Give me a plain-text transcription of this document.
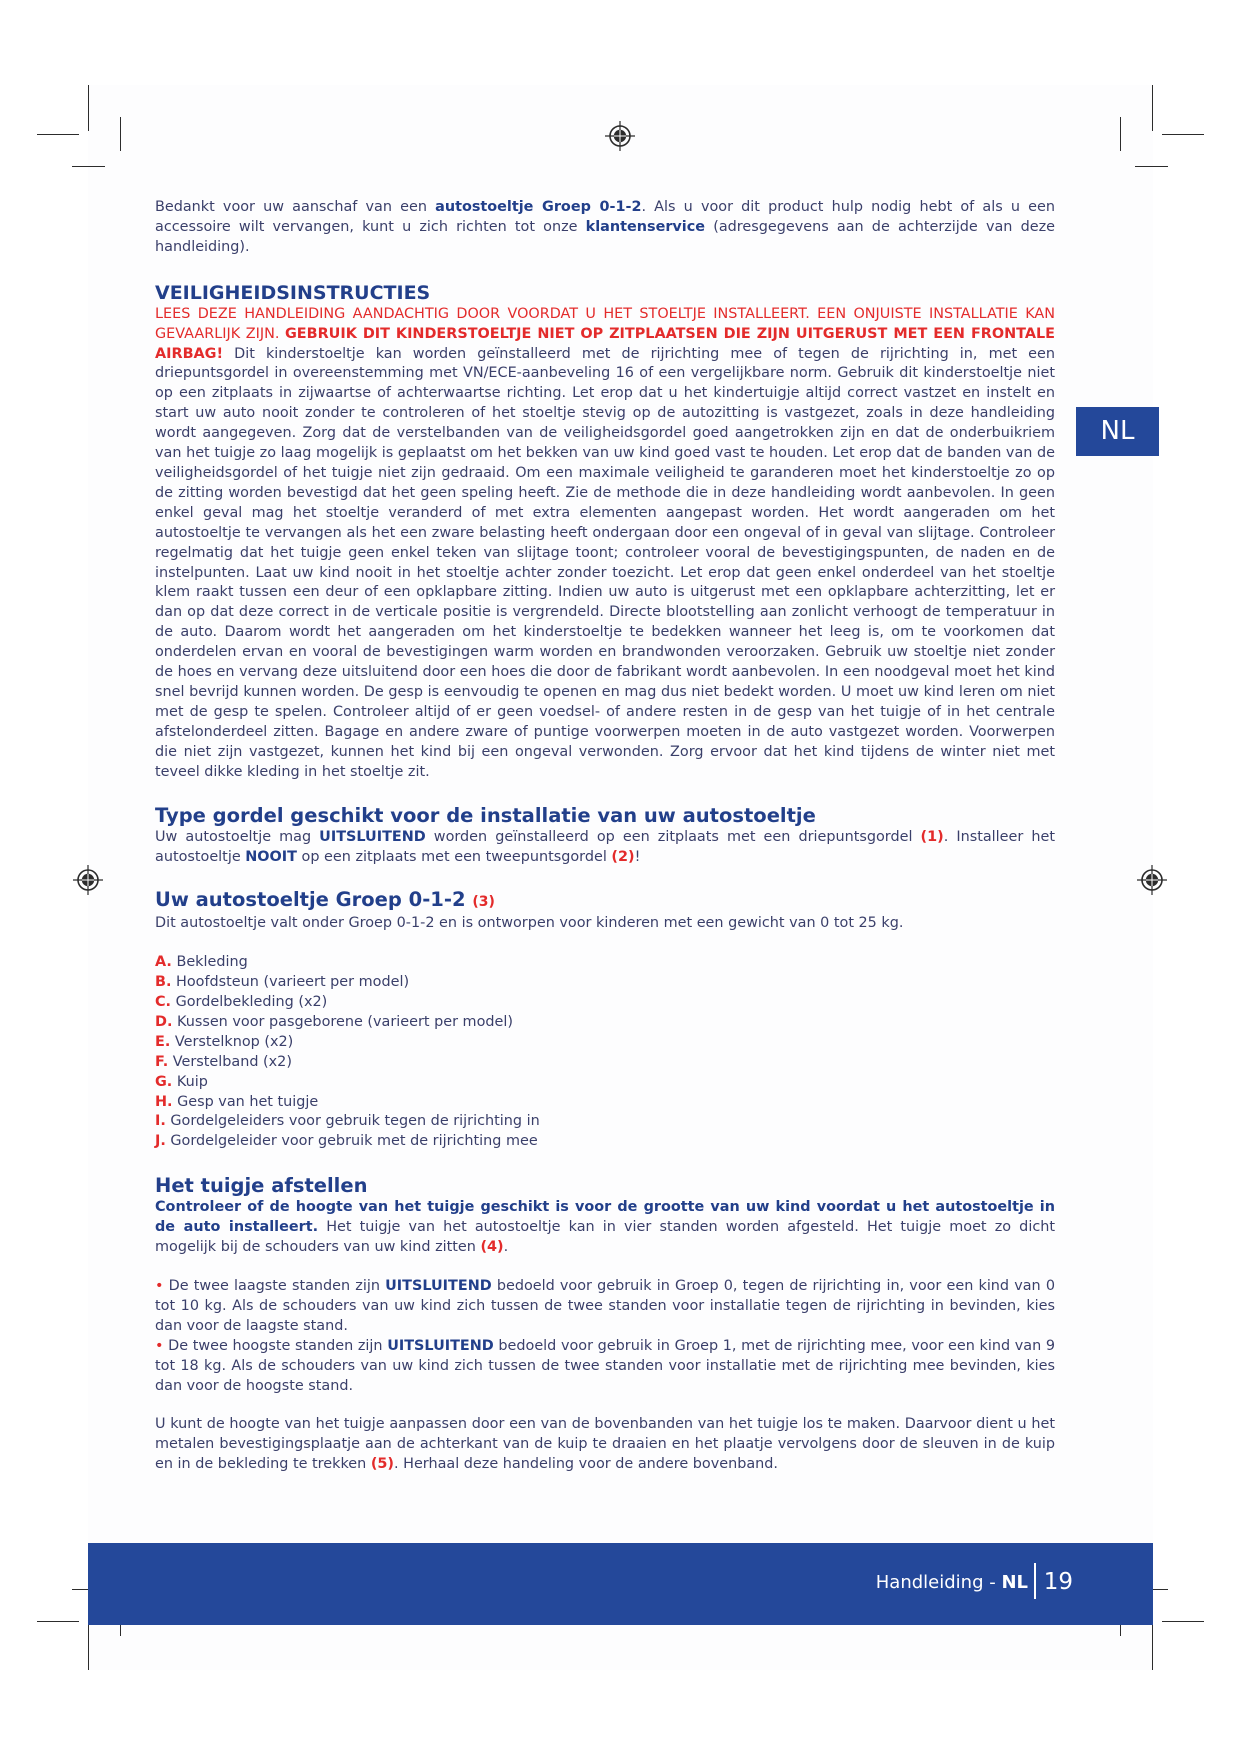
NL

Bedankt voor uw aanschaf van een autostoeltje Groep 0-1-2. Als u voor dit product hulp nodig hebt of als u een accessoire wilt vervangen, kunt u zich richten tot onze klantenservice (adresgegevens aan de achterzijde van deze handleiding).

VEILIGHEIDSINSTRUCTIES

LEES DEZE HANDLEIDING AANDACHTIG DOOR VOORDAT U HET STOELTJE INSTALLEERT. EEN ONJUISTE INSTALLATIE KAN GEVAARLIJK ZIJN. GEBRUIK DIT KINDERSTOELTJE NIET OP ZITPLAATSEN DIE ZIJN UITGERUST MET EEN FRONTALE AIRBAG! Dit kinderstoeltje kan worden geïnstalleerd met de rijrichting mee of tegen de rijrichting in, met een driepuntsgordel in overeenstemming met VN/ECE-aanbeveling 16 of een vergelijkbare norm. Gebruik dit kinderstoeltje niet op een zitplaats in zijwaartse of achterwaartse richting. Let erop dat u het kindertuigje altijd correct vastzet en instelt en start uw auto nooit zonder te controleren of het stoeltje stevig op de autozitting is vastgezet, zoals in deze handleiding wordt aangegeven. Zorg dat de verstelbanden van de veiligheidsgordel goed aangetrokken zijn en dat de onderbuikriem van het tuigje zo laag mogelijk is geplaatst om het bekken van uw kind goed vast te houden. Let erop dat de banden van de veiligheidsgordel of het tuigje niet zijn gedraaid. Om een maximale veiligheid te garanderen moet het kinderstoeltje zo op de zitting worden bevestigd dat het geen speling heeft. Zie de methode die in deze handleiding wordt aanbevolen. In geen enkel geval mag het stoeltje veranderd of met extra elementen aangepast worden. Het wordt aangeraden om het autostoeltje te vervangen als het een zware belasting heeft ondergaan door een ongeval of in geval van slijtage. Controleer regelmatig dat het tuigje geen enkel teken van slijtage toont; controleer vooral de bevestigingspunten, de naden en de instelpunten. Laat uw kind nooit in het stoeltje achter zonder toezicht. Let erop dat geen enkel onderdeel van het stoeltje klem raakt tussen een deur of een opklapbare zitting. Indien uw auto is uitgerust met een opklapbare achterzitting, let er dan op dat deze correct in de verticale positie is vergrendeld. Directe blootstelling aan zonlicht verhoogt de temperatuur in de auto. Daarom wordt het aangeraden om het kinderstoeltje te bedekken wanneer het leeg is, om te voorkomen dat onderdelen ervan en vooral de bevestigingen warm worden en brandwonden veroorzaken. Gebruik uw stoeltje niet zonder de hoes en vervang deze uitsluitend door een hoes die door de fabrikant wordt aanbevolen. In een noodgeval moet het kind snel bevrijd kunnen worden. De gesp is eenvoudig te openen en mag dus niet bedekt worden. U moet uw kind leren om niet met de gesp te spelen. Controleer altijd of er geen voedsel- of andere resten in de gesp van het tuigje of in het centrale afstelonderdeel zitten. Bagage en andere zware of puntige voorwerpen moeten in de auto vastgezet worden. Voorwerpen die niet zijn vastgezet, kunnen het kind bij een ongeval verwonden. Zorg ervoor dat het kind tijdens de winter niet met teveel dikke kleding in het stoeltje zit.

Type gordel geschikt voor de installatie van uw autostoeltje

Uw autostoeltje mag UITSLUITEND worden geïnstalleerd op een zitplaats met een driepuntsgordel (1). Installeer het autostoeltje NOOIT op een zitplaats met een tweepuntsgordel (2)!

Uw autostoeltje Groep 0-1-2 (3)

Dit autostoeltje valt onder Groep 0-1-2 en is ontworpen voor kinderen met een gewicht van 0 tot 25 kg.

A. Bekleding
B. Hoofdsteun (varieert per model)
C. Gordelbekleding (x2)
D. Kussen voor pasgeborene (varieert per model)
E. Verstelknop (x2)
F. Verstelband (x2)
G. Kuip
H. Gesp van het tuigje
I. Gordelgeleiders voor gebruik tegen de rijrichting in
J. Gordelgeleider voor gebruik met de rijrichting mee
Het tuigje afstellen

Controleer of de hoogte van het tuigje geschikt is voor de grootte van uw kind voordat u het autostoeltje in de auto installeert. Het tuigje van het autostoeltje kan in vier standen worden afgesteld. Het tuigje moet zo dicht mogelijk bij de schouders van uw kind zitten (4).

• De twee laagste standen zijn UITSLUITEND bedoeld voor gebruik in Groep 0, tegen de rijrichting in, voor een kind van 0 tot 10 kg. Als de schouders van uw kind zich tussen de twee standen voor installatie tegen de rijrichting in bevinden, kies dan voor de laagste stand.

• De twee hoogste standen zijn UITSLUITEND bedoeld voor gebruik in Groep 1, met de rijrichting mee, voor een kind van 9 tot 18 kg. Als de schouders van uw kind zich tussen de twee standen voor installatie met de rijrichting mee bevinden, kies dan voor de hoogste stand.

U kunt de hoogte van het tuigje aanpassen door een van de bovenbanden van het tuigje los te maken. Daarvoor dient u het metalen bevestigingsplaatje aan de achterkant van de kuip te draaien en het plaatje vervolgens door de sleuven in de kuip en in de bekleding te trekken (5). Herhaal deze handeling voor de andere bovenband.

Handleiding - NL 19
